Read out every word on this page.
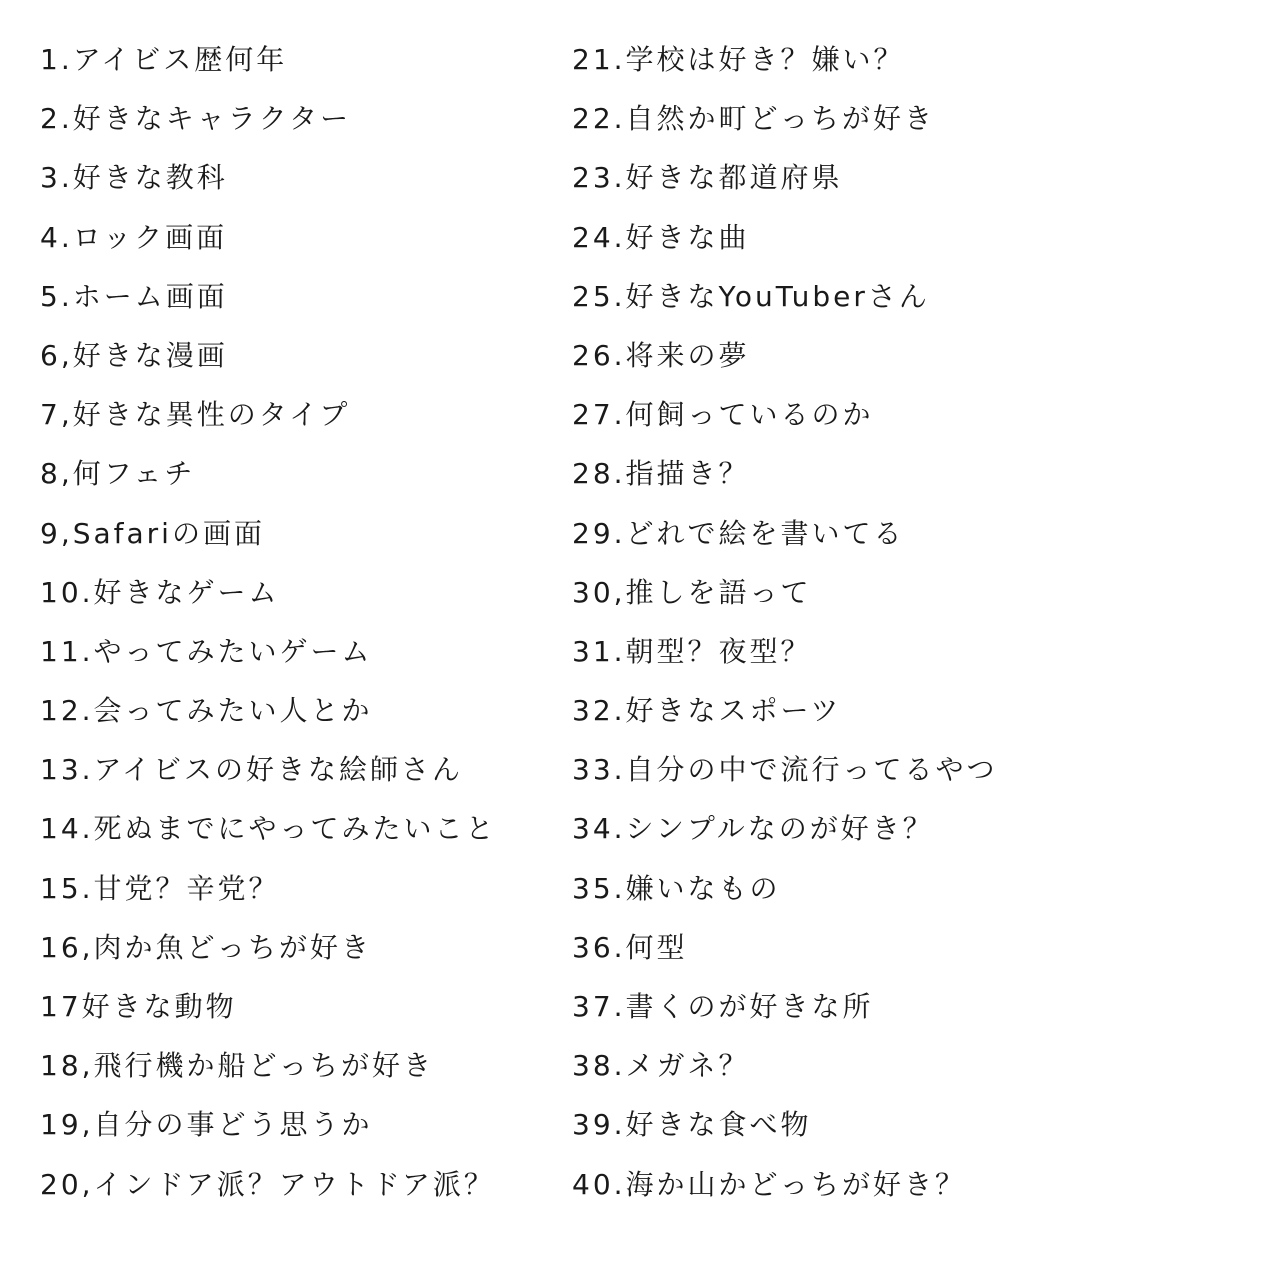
1.アイビス歴何年
2.好きなキャラクター
3.好きな教科
4.ロック画面
5.ホーム画面
6,好きな漫画
7,好きな異性のタイプ
8,何フェチ
9,Safariの画面
10.好きなゲーム
11.やってみたいゲーム
12.会ってみたい人とか
13.アイビスの好きな絵師さん
14.死ぬまでにやってみたいこと
15.甘党？辛党？
16,肉か魚どっちが好き
17好きな動物
18,飛行機か船どっちが好き
19,自分の事どう思うか
20,インドア派？アウトドア派？
21.学校は好き？嫌い？
22.自然か町どっちが好き
23.好きな都道府県
24.好きな曲
25.好きなYouTuberさん
26.将来の夢
27.何飼っているのか
28.指描き？
29.どれで絵を書いてる
30,推しを語って
31.朝型？夜型？
32.好きなスポーツ
33.自分の中で流行ってるやつ
34.シンプルなのが好き？
35.嫌いなもの
36.何型
37.書くのが好きな所
38.メガネ？
39.好きな食べ物
40.海か山かどっちが好き？
